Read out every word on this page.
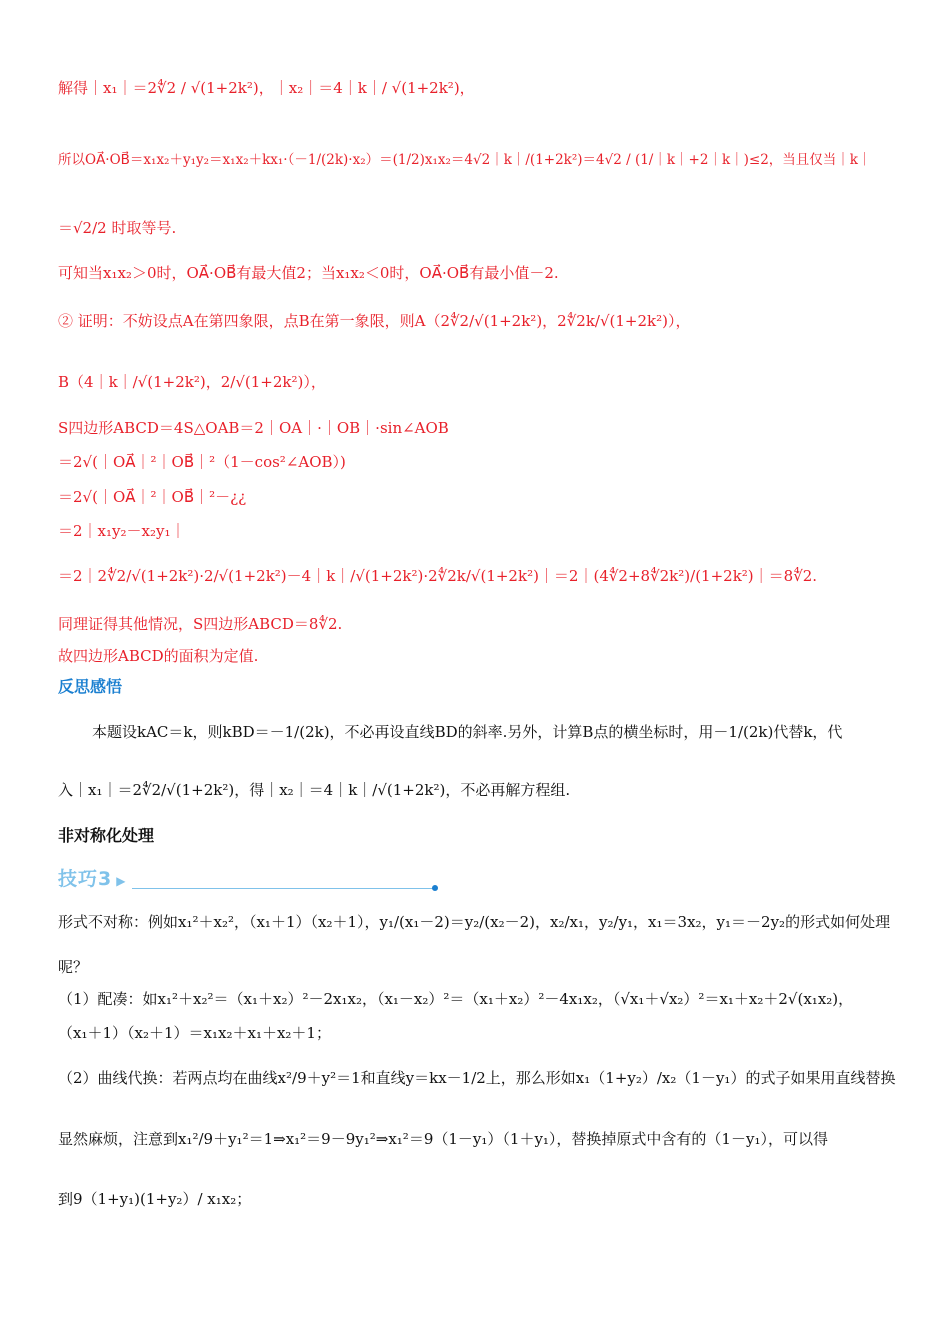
解得｜x₁｜＝2∜2 / √(1+2k²)，｜x₂｜＝4｜k｜/ √(1+2k²)，
所以OA⃗·OB⃗＝x₁x₂＋y₁y₂＝x₁x₂＋kx₁·（－1/(2k)·x₂）＝(1/2)x₁x₂＝4√2｜k｜/(1+2k²)＝4√2 / (1/｜k｜+2｜k｜)≤2，当且仅当｜k｜
＝√2/2 时取等号.
可知当x₁x₂＞0时，OA⃗·OB⃗有最大值2；当x₁x₂＜0时，OA⃗·OB⃗有最小值－2.
② 证明：不妨设点A在第四象限，点B在第一象限，则A（2∜2/√(1+2k²)，2∜2k/√(1+2k²)），
B（4｜k｜/√(1+2k²)，2/√(1+2k²)），
S四边形ABCD＝4S△OAB＝2｜OA｜·｜OB｜·sin∠AOB
＝2√(｜OA⃗｜²｜OB⃗｜²（1－cos²∠AOB）)
＝2√(｜OA⃗｜²｜OB⃗｜²－¿¿
＝2｜x₁y₂－x₂y₁｜
＝2｜2∜2/√(1+2k²)·2/√(1+2k²)－4｜k｜/√(1+2k²)·2∜2k/√(1+2k²)｜＝2｜(4∜2+8∜2k²)/(1+2k²)｜＝8∜2.
同理证得其他情况，S四边形ABCD＝8∜2.
故四边形ABCD的面积为定值.
反思感悟
本题设kAC＝k，则kBD＝－1/(2k)，不必再设直线BD的斜率.另外，计算B点的横坐标时，用－1/(2k)代替k，代
入｜x₁｜＝2∜2/√(1+2k²)，得｜x₂｜＝4｜k｜/√(1+2k²)，不必再解方程组.
非对称化处理
技巧3 ▶
形式不对称：例如x₁²＋x₂²，（x₁＋1）（x₂＋1），y₁/(x₁－2)＝y₂/(x₂－2)，x₂/x₁，y₂/y₁，x₁＝3x₂，y₁＝－2y₂的形式如何处理
呢？
（1）配凑：如x₁²＋x₂²＝（x₁＋x₂）²－2x₁x₂，（x₁－x₂）²＝（x₁＋x₂）²－4x₁x₂，（√x₁＋√x₂）²＝x₁＋x₂＋2√(x₁x₂)，
（x₁＋1）（x₂＋1）＝x₁x₂＋x₁＋x₂＋1；
（2）曲线代换：若两点均在曲线x²/9＋y²＝1和直线y＝kx－1/2上，那么形如x₁（1+y₂）/x₂（1－y₁）的式子如果用直线替换
显然麻烦，注意到x₁²/9＋y₁²＝1⇒x₁²＝9－9y₁²⇒x₁²＝9（1－y₁）（1＋y₁），替换掉原式中含有的（1－y₁），可以得
到9（1+y₁)(1+y₂）/ x₁x₂；
